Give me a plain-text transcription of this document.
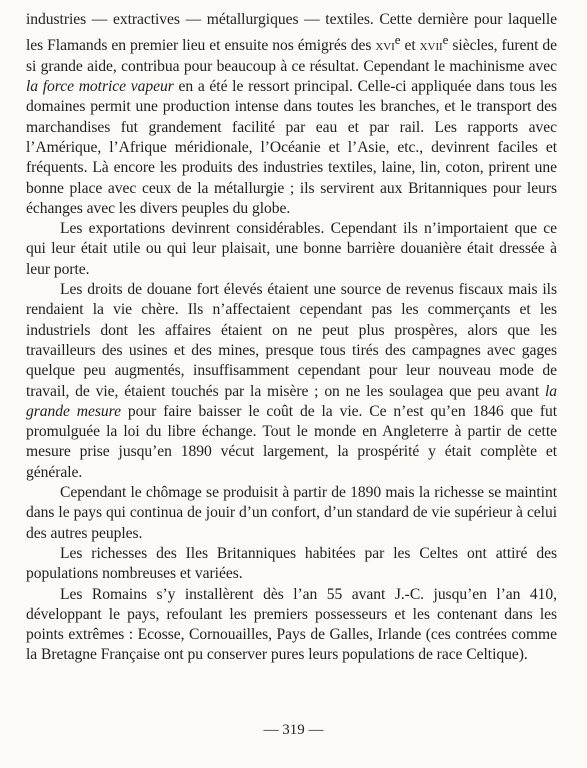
industries — extractives — métallurgiques — textiles. Cette dernière pour laquelle les Flamands en premier lieu et ensuite nos émigrés des xvi$^e$ et xvii$^e$ siècles, furent de si grande aide, contribua pour beaucoup à ce résultat. Cependant le machinisme avec la force motrice vapeur en a été le ressort principal. Celle-ci appliquée dans tous les domaines permit une production intense dans toutes les branches, et le transport des marchandises fut grandement facilité par eau et par rail. Les rapports avec l’Amérique, l’Afrique méridionale, l’Océanie et l’Asie, etc., devinrent faciles et fréquents. Là encore les produits des industries textiles, laine, lin, coton, prirent une bonne place avec ceux de la métallurgie ; ils servirent aux Britanniques pour leurs échanges avec les divers peuples du globe.

Les exportations devinrent considérables. Cependant ils n’importaient que ce qui leur était utile ou qui leur plaisait, une bonne barrière douanière était dressée à leur porte.

Les droits de douane fort élevés étaient une source de revenus fiscaux mais ils rendaient la vie chère. Ils n’affectaient cependant pas les commerçants et les industriels dont les affaires étaient on ne peut plus prospères, alors que les travailleurs des usines et des mines, presque tous tirés des campagnes avec gages quelque peu augmentés, insuffisamment cependant pour leur nouveau mode de travail, de vie, étaient touchés par la misère ; on ne les soulagea que peu avant la grande mesure pour faire baisser le coût de la vie. Ce n’est qu’en 1846 que fut promulguée la loi du libre échange. Tout le monde en Angleterre à partir de cette mesure prise jusqu’en 1890 vécut largement, la prospérité y était complète et générale.

Cependant le chômage se produisit à partir de 1890 mais la richesse se maintint dans le pays qui continua de jouir d’un confort, d’un standard de vie supérieur à celui des autres peuples.

Les richesses des Iles Britanniques habitées par les Celtes ont attiré des populations nombreuses et variées.

Les Romains s’y installèrent dès l’an 55 avant J.-C. jusqu’en l’an 410, développant le pays, refoulant les premiers possesseurs et les contenant dans les points extrêmes : Ecosse, Cornouailles, Pays de Galles, Irlande (ces contrées comme la Bretagne Française ont pu conserver pures leurs populations de race Celtique).

— 319 —
